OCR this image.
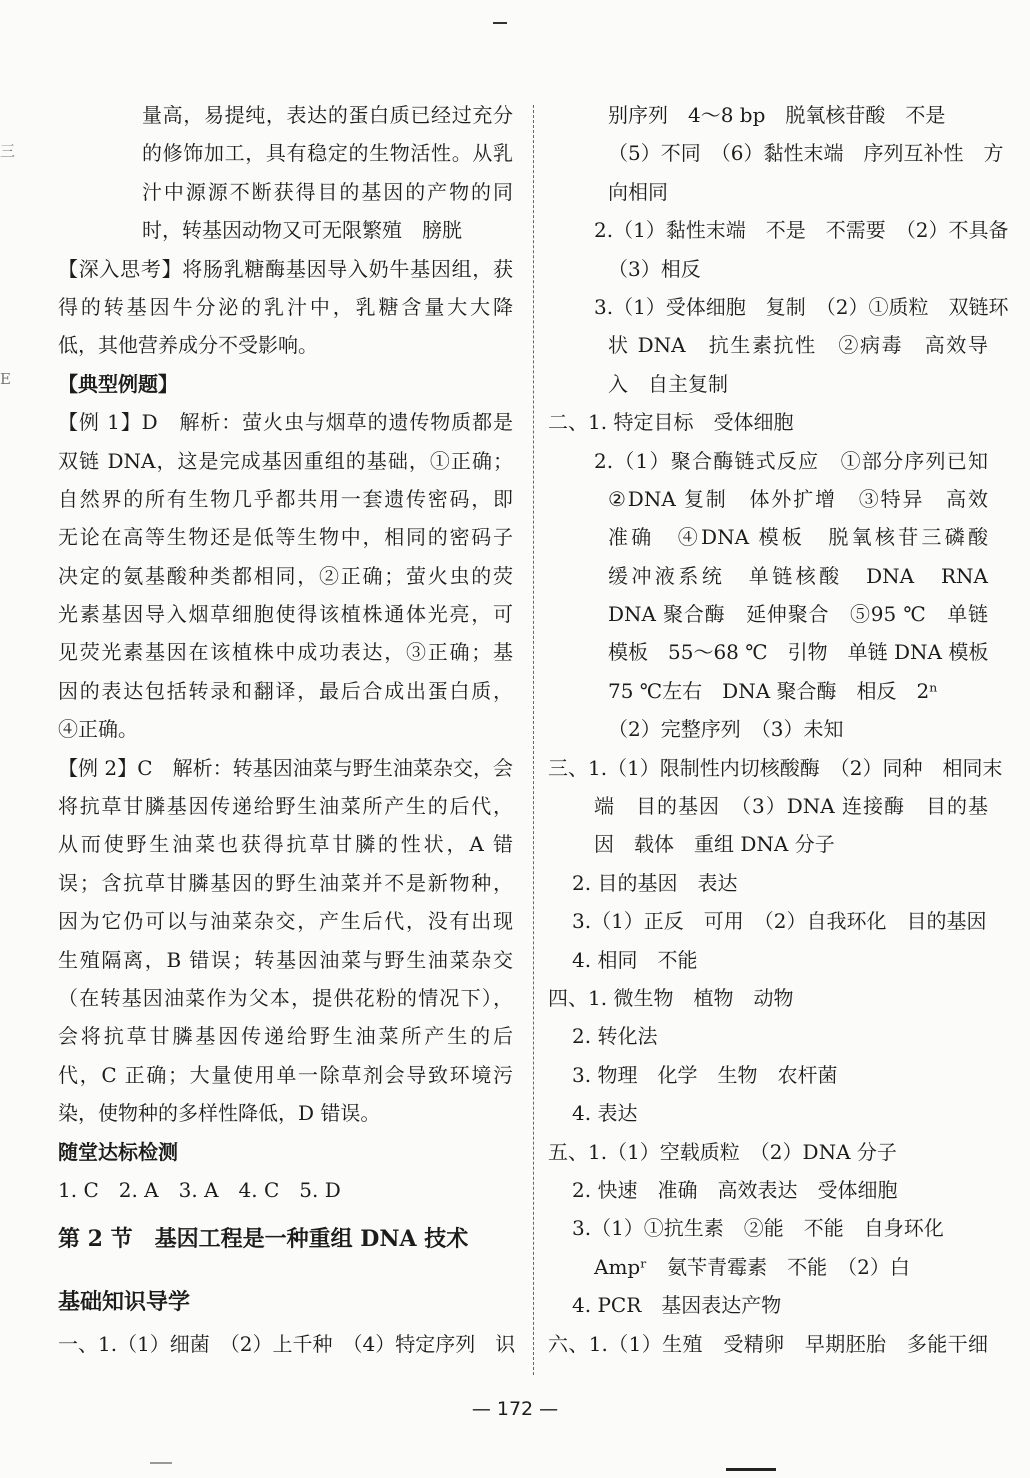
三
E
量高，易提纯，表达的蛋白质已经过充分
的修饰加工，具有稳定的生物活性。从乳
汁中源源不断获得目的基因的产物的同
时，转基因动物又可无限繁殖　膀胱
【深入思考】将肠乳糖酶基因导入奶牛基因组，获
得的转基因牛分泌的乳汁中，乳糖含量大大降
低，其他营养成分不受影响。
【典型例题】
【例 1】D　解析：萤火虫与烟草的遗传物质都是
双链 DNA，这是完成基因重组的基础，①正确；
自然界的所有生物几乎都共用一套遗传密码，即
无论在高等生物还是低等生物中，相同的密码子
决定的氨基酸种类都相同，②正确；萤火虫的荧
光素基因导入烟草细胞使得该植株通体光亮，可
见荧光素基因在该植株中成功表达，③正确；基
因的表达包括转录和翻译，最后合成出蛋白质，
④正确。
【例 2】C　解析：转基因油菜与野生油菜杂交，会
将抗草甘膦基因传递给野生油菜所产生的后代，
从而使野生油菜也获得抗草甘膦的性状，A 错
误；含抗草甘膦基因的野生油菜并不是新物种，
因为它仍可以与油菜杂交，产生后代，没有出现
生殖隔离，B 错误；转基因油菜与野生油菜杂交
（在转基因油菜作为父本，提供花粉的情况下），
会将抗草甘膦基因传递给野生油菜所产生的后
代，C 正确；大量使用单一除草剂会导致环境污
染，使物种的多样性降低，D 错误。
随堂达标检测
1. C　2. A　3. A　4. C　5. D
第 2 节 基因工程是一种重组 DNA 技术
基础知识导学
一、1.（1）细菌　（2）上千种　（4）特定序列　识
别序列　4～8 bp　脱氧核苷酸　不是
（5）不同　（6）黏性末端　序列互补性　方
向相同
2.（1）黏性末端　不是　不需要　（2）不具备
（3）相反
3.（1）受体细胞　复制　（2）①质粒　双链环
状 DNA　抗生素抗性　②病毒　高效导
入　自主复制
二、1. 特定目标　受体细胞
2.（1）聚合酶链式反应　①部分序列已知
②DNA 复制　体外扩增　③特异　高效
准确　④DNA 模板　脱氧核苷三磷酸
缓冲液系统　单链核酸　DNA　RNA
DNA 聚合酶　延伸聚合　⑤95 ℃　单链
模板　55～68 ℃　引物　单链 DNA 模板
75 ℃左右　DNA 聚合酶　相反　2ⁿ
（2）完整序列　（3）未知
三、1.（1）限制性内切核酸酶　（2）同种　相同末
端　目的基因　（3）DNA 连接酶　目的基
因　载体　重组 DNA 分子
2. 目的基因　表达
3.（1）正反　可用　（2）自我环化　目的基因
4. 相同　不能
四、1. 微生物　植物　动物
2. 转化法
3. 物理　化学　生物　农杆菌
4. 表达
五、1.（1）空载质粒　（2）DNA 分子
2. 快速　准确　高效表达　受体细胞
3.（1）①抗生素　②能　不能　自身环化
Ampʳ　氨苄青霉素　不能　（2）白
4. PCR　基因表达产物
六、1.（1）生殖　受精卵　早期胚胎　多能干细
— 172 —
